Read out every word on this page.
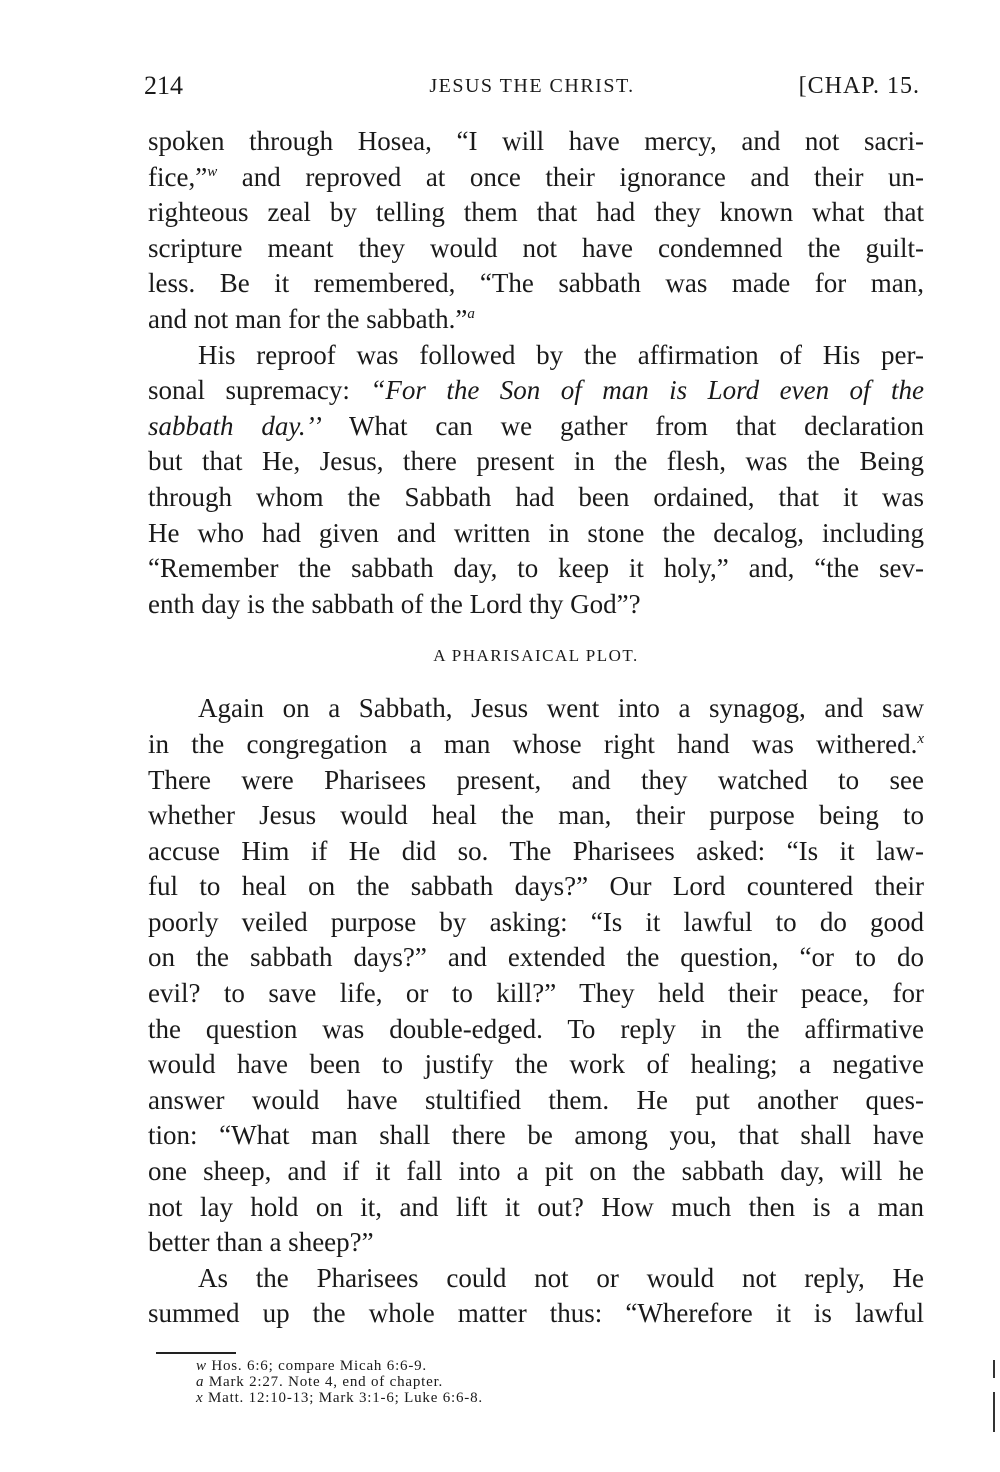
214	JESUS THE CHRIST.	[CHAP. 15.

spoken through Hosea, “I will have mercy, and not sacri-
fice,”$^w$ and reproved at once their ignorance and their un-
righteous zeal by telling them that had they known what that
scripture meant they would not have condemned the guilt-
less. Be it remembered, “The sabbath was made for man,
and not man for the sabbath.”$^a$

His reproof was followed by the affirmation of His per-
sonal supremacy: “For the Son of man is Lord even of the
sabbath day.’’ What can we gather from that declaration
but that He, Jesus, there present in the flesh, was the Being
through whom the Sabbath had been ordained, that it was
He who had given and written in stone the decalog, including
“Remember the sabbath day, to keep it holy,” and, “the sev-
enth day is the sabbath of the Lord thy God”?

A PHARISAICAL PLOT.

Again on a Sabbath, Jesus went into a synagog, and saw
in the congregation a man whose right hand was withered.$^x$
There were Pharisees present, and they watched to see
whether Jesus would heal the man, their purpose being to
accuse Him if He did so. The Pharisees asked: “Is it law-
ful to heal on the sabbath days?” Our Lord countered their
poorly veiled purpose by asking: “Is it lawful to do good
on the sabbath days?” and extended the question, “or to do
evil? to save life, or to kill?” They held their peace, for
the question was double-edged. To reply in the affirmative
would have been to justify the work of healing; a negative
answer would have stultified them. He put another ques-
tion: “What man shall there be among you, that shall have
one sheep, and if it fall into a pit on the sabbath day, will he
not lay hold on it, and lift it out? How much then is a man
better than a sheep?”

As the Pharisees could not or would not reply, He
summed up the whole matter thus: “Wherefore it is lawful

w Hos. 6:6; compare Micah 6:6-9.
a Mark 2:27. Note 4, end of chapter.
x Matt. 12:10-13; Mark 3:1-6; Luke 6:6-8.
